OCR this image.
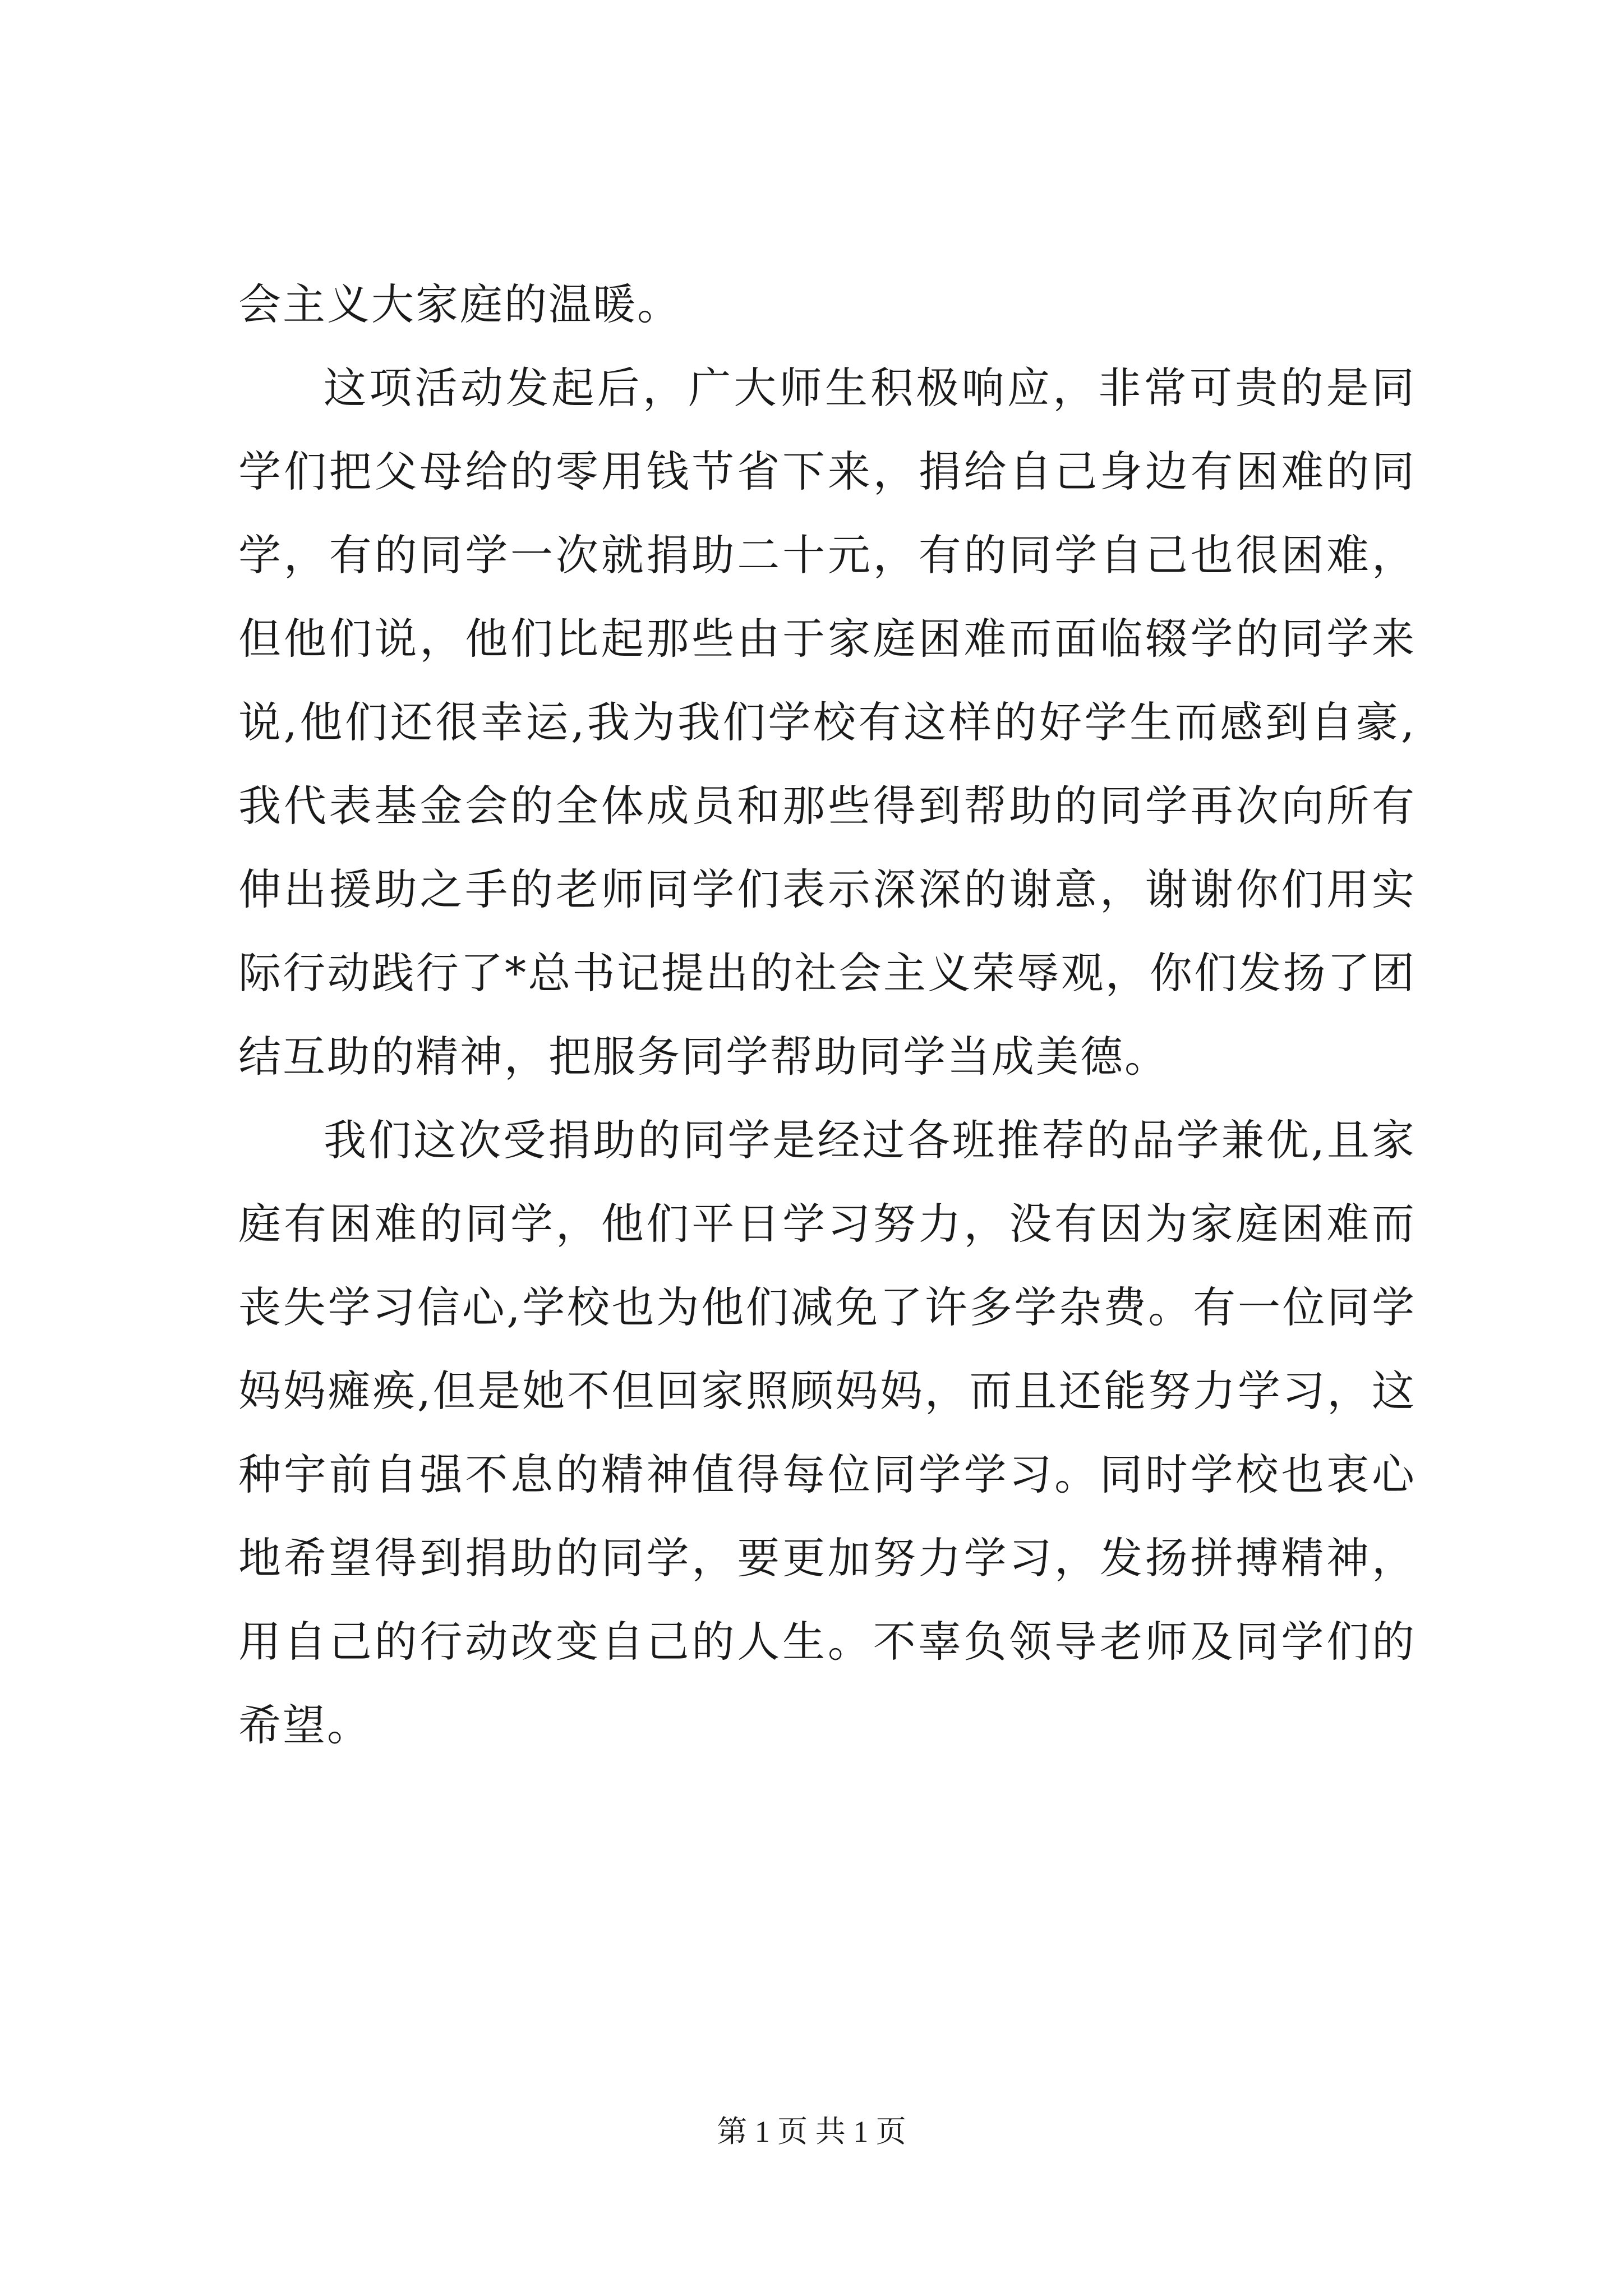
会主义大家庭的温暖。

这项活动发起后，广大师生积极响应，非常可贵的是同学们把父母给的零用钱节省下来，捐给自己身边有困难的同学，有的同学一次就捐助二十元，有的同学自己也很困难，但他们说，他们比起那些由于家庭困难而面临辍学的同学来说,他们还很幸运,我为我们学校有这样的好学生而感到自豪,我代表基金会的全体成员和那些得到帮助的同学再次向所有伸出援助之手的老师同学们表示深深的谢意，谢谢你们用实际行动践行了*总书记提出的社会主义荣辱观，你们发扬了团结互助的精神，把服务同学帮助同学当成美德。

我们这次受捐助的同学是经过各班推荐的品学兼优,且家庭有困难的同学，他们平日学习努力，没有因为家庭困难而丧失学习信心,学校也为他们减免了许多学杂费。有一位同学妈妈瘫痪,但是她不但回家照顾妈妈，而且还能努力学习，这种宇前自强不息的精神值得每位同学学习。同时学校也衷心地希望得到捐助的同学，要更加努力学习，发扬拼搏精神，用自己的行动改变自己的人生。不辜负领导老师及同学们的希望。

第 1 页 共 1 页
